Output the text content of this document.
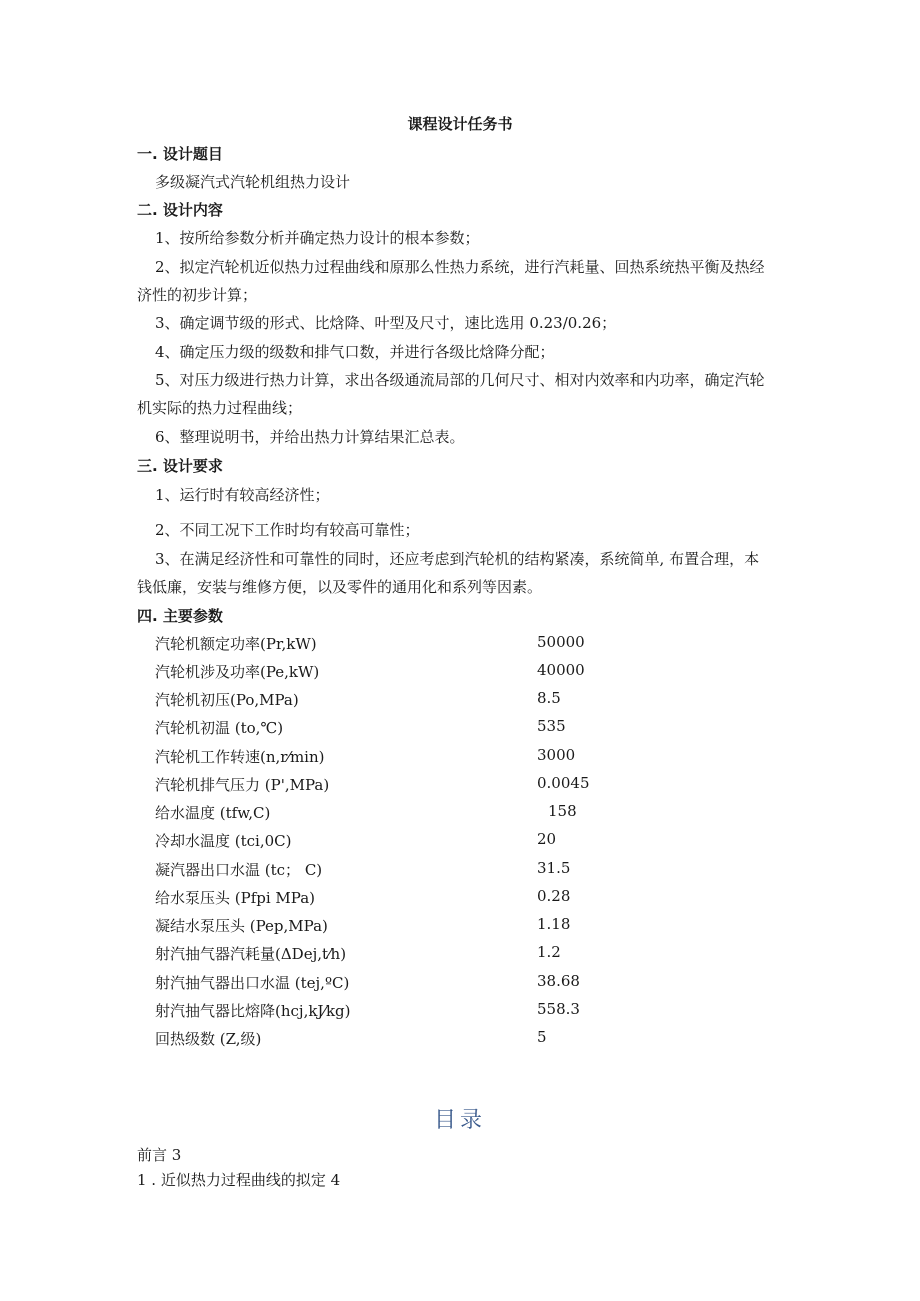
课程设计任务书
一. 设计题目
多级凝汽式汽轮机组热力设计
二. 设计内容
1、按所给参数分析并确定热力设计的根本参数；
2、拟定汽轮机近似热力过程曲线和原那么性热力系统，进行汽耗量、回热系统热平衡及热经
济性的初步计算；
3、确定调节级的形式、比焓降、叶型及尺寸，速比选用 0.23/0.26；
4、确定压力级的级数和排气口数，并进行各级比焓降分配；
5、对压力级进行热力计算，求出各级通流局部的几何尺寸、相对内效率和内功率，确定汽轮
机实际的热力过程曲线；
6、整理说明书，并给出热力计算结果汇总表。
三. 设计要求
1、运行时有较高经济性；
2、不同工况下工作时均有较高可靠性；
3、在满足经济性和可靠性的同时，还应考虑到汽轮机的结构紧凑，系统简单, 布置合理，本
钱低廉，安装与维修方便，以及零件的通用化和系列等因素。
四. 主要参数
汽轮机额定功率(Pr,kW)	50000
汽轮机涉及功率(Pe,kW)	40000
汽轮机初压(Po,MPa)	8.5
汽轮机初温 (to,℃)	535
汽轮机工作转速(n,r⁄min)	3000
汽轮机排气压力 (P',MPa)	0.0045
给水温度 (tfw,C)	158
冷却水温度 (tci,0C)	20
凝汽器出口水温 (tc； C)	31.5
给水泵压头 (Pfpi MPa)	0.28
凝结水泵压头 (Pep,MPa)	1.18
射汽抽气器汽耗量(ΔDej,t⁄h)	1.2
射汽抽气器出口水温 (tej,ºC)	38.68
射汽抽气器比熔降(hcj,kJ⁄kg)	558.3
回热级数 (Z,级)	5
目录
前言 3
1 . 近似热力过程曲线的拟定 4
